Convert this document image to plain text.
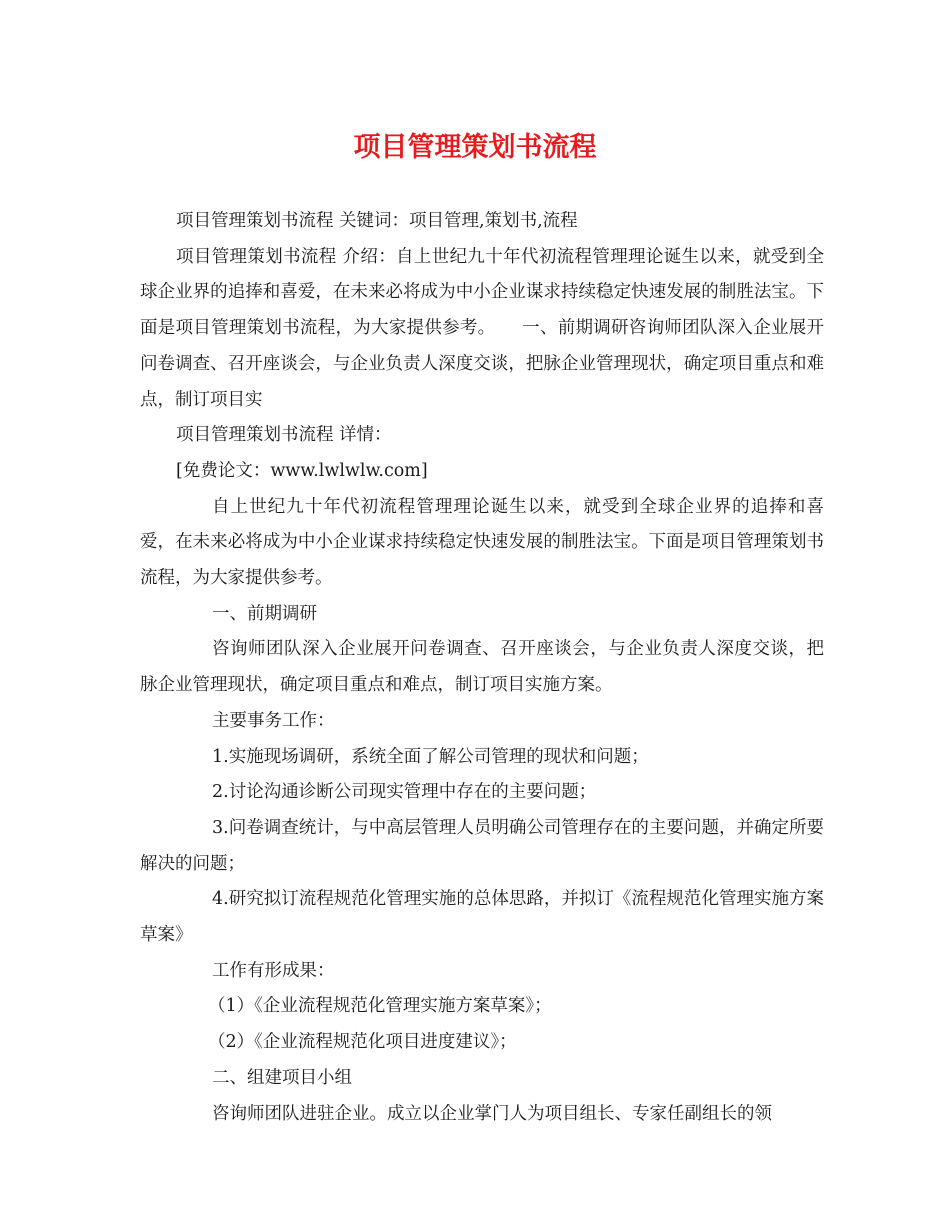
项目管理策划书流程

项目管理策划书流程 关键词：项目管理,策划书,流程

项目管理策划书流程 介绍：自上世纪九十年代初流程管理理论诞生以来，就受到全球企业界的追捧和喜爱，在未来必将成为中小企业谋求持续稳定快速发展的制胜法宝。下面是项目管理策划书流程，为大家提供参考。　　一、前期调研咨询师团队深入企业展开问卷调查、召开座谈会，与企业负责人深度交谈，把脉企业管理现状，确定项目重点和难点，制订项目实

项目管理策划书流程 详情：

[免费论文：www.lwlwlw.com]

自上世纪九十年代初流程管理理论诞生以来，就受到全球企业界的追捧和喜爱，在未来必将成为中小企业谋求持续稳定快速发展的制胜法宝。下面是项目管理策划书流程，为大家提供参考。

一、前期调研

咨询师团队深入企业展开问卷调查、召开座谈会，与企业负责人深度交谈，把脉企业管理现状，确定项目重点和难点，制订项目实施方案。

主要事务工作：

1.实施现场调研，系统全面了解公司管理的现状和问题；

2.讨论沟通诊断公司现实管理中存在的主要问题；

3.问卷调查统计，与中高层管理人员明确公司管理存在的主要问题，并确定所要解决的问题；

4.研究拟订流程规范化管理实施的总体思路，并拟订《流程规范化管理实施方案草案》

工作有形成果：

（1）《企业流程规范化管理实施方案草案》；

（2）《企业流程规范化项目进度建议》；

二、组建项目小组

咨询师团队进驻企业。成立以企业掌门人为项目组长、专家任副组长的领
